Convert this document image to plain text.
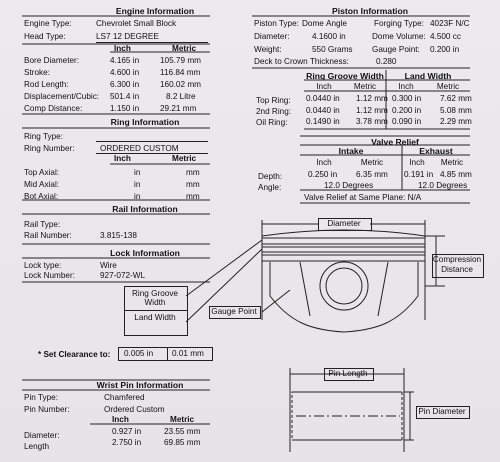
Engine Information
Engine Type:	Chevrolet Small Block
Head Type:	LS7 12 DEGREE
Inch	Metric
Bore Diameter:	4.165 in	105.79 mm
Stroke:	4.600 in	116.84 mm
Rod Length:	6.300 in	160.02 mm
Displacement/Cubic: 501.4 in	8.2 Litre
Comp Distance:	1.150 in	29.21 mm
Ring Information
Ring Type:
Ring Number:	ORDERED CUSTOM
Inch	Metric
Top Axial:	in	mm
Mid Axial:	in	mm
Bot Axial:	in	mm
Rail Information
Rail Type:
Rail Number:	3.815-138
Lock Information
Lock type:	Wire
Lock Number:	927-072-WL
Ring Groove Width
Land Width
* Set Clearance to: 0.005 in 0.01 mm
Wrist Pin Information
Pin Type:	Chamfered
Pin Number:	Ordered Custom
Inch	Metric
Diameter:	0.927 in	23.55 mm
Length	2.750 in	69.85 mm
Piston Information
Piston Type: Dome Angle	Forging Type: 4023F N/C
Diameter:	4.1600 in	Dome Volume: 4.500 cc
Weight:	550 Grams Gauge Point: 0.200 in
Deck to Crown Thickness:	0.280
Ring Groove Width	Land Width
Inch	Metric	Inch	Metric
Top Ring: 0.0440 in 1.12 mm 0.300 in 7.62 mm
2nd Ring: 0.0440 in 1.12 mm 0.200 in 5.08 mm
Oil Ring: 0.1490 in 3.78 mm 0.090 in 2.29 mm
Valve Relief
Intake	Exhaust
Inch	Metric	Inch	Metric
Depth:	0.250 in 6.35 mm 0.191 in 4.85 mm
Angle:	12.0 Degrees	12.0 Degrees
Valve Relief at Same Plane: N/A
Diameter
Compression Distance
Gauge Point
Pin Length
Pin Diameter
